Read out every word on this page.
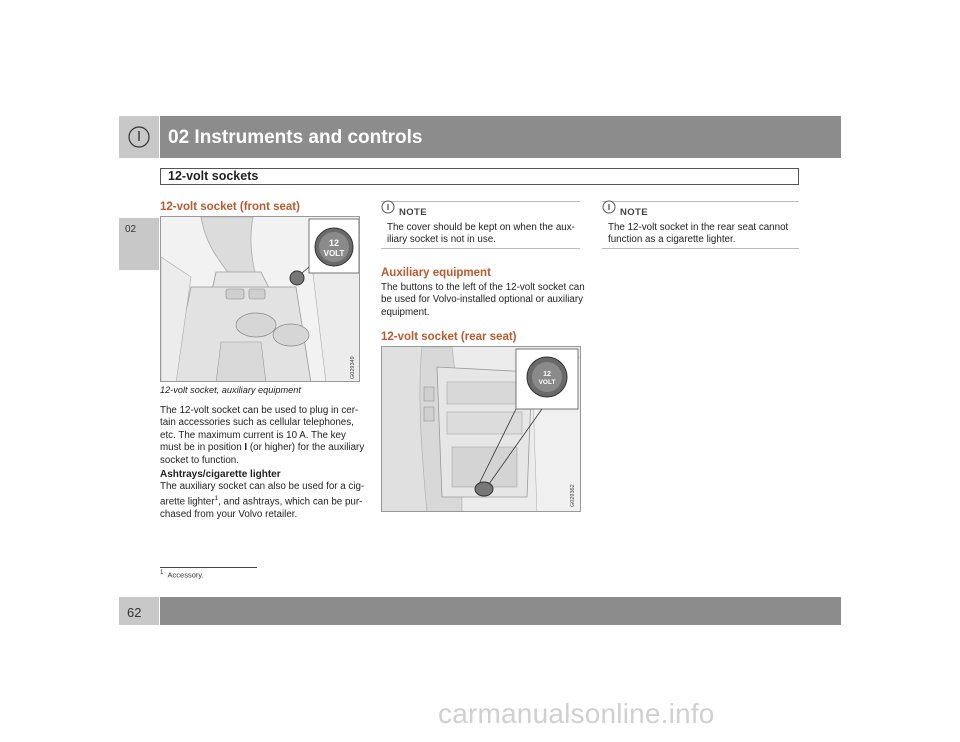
02 Instruments and controls
12-volt sockets
02
12-volt socket (front seat)
12
VOLT
G029349
12-volt socket, auxiliary equipment
The 12-volt socket can be used to plug in cer-
tain accessories such as cellular telephones,
etc. The maximum current is 10 A. The key
must be in position I (or higher) for the auxiliary
socket to function.
Ashtrays/cigarette lighter
The auxiliary socket can also be used for a cig-
arette lighter$^1$, and ashtrays, which can be pur-
chased from your Volvo retailer.
NOTE
The cover should be kept on when the aux-
iliary socket is not in use.
Auxiliary equipment
The buttons to the left of the 12-volt socket can
be used for Volvo-installed optional or auxiliary
equipment.
12-volt socket (rear seat)
12
VOLT
G029362
NOTE
The 12-volt socket in the rear seat cannot
function as a cigarette lighter.
$^1$ Accessory.
62
carmanualsonline.info
